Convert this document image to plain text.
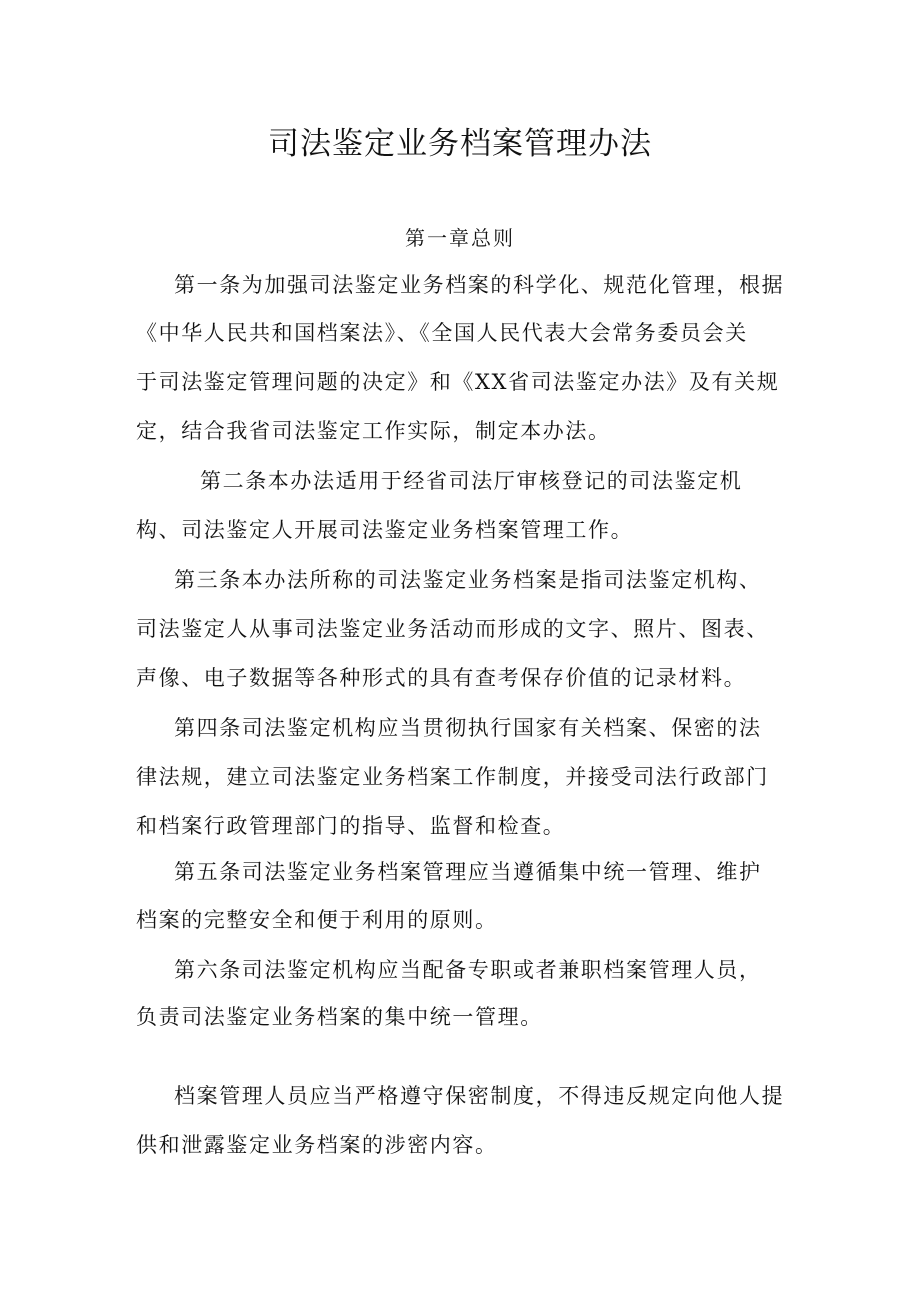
司法鉴定业务档案管理办法
第一章总则
第一条为加强司法鉴定业务档案的科学化、规范化管理，根据
《中华人民共和国档案法》、《全国人民代表大会常务委员会关
于司法鉴定管理问题的决定》和《XX省司法鉴定办法》及有关规
定，结合我省司法鉴定工作实际，制定本办法。
第二条本办法适用于经省司法厅审核登记的司法鉴定机
构、司法鉴定人开展司法鉴定业务档案管理工作。
第三条本办法所称的司法鉴定业务档案是指司法鉴定机构、
司法鉴定人从事司法鉴定业务活动而形成的文字、照片、图表、
声像、电子数据等各种形式的具有查考保存价值的记录材料。
第四条司法鉴定机构应当贯彻执行国家有关档案、保密的法
律法规，建立司法鉴定业务档案工作制度，并接受司法行政部门
和档案行政管理部门的指导、监督和检查。
第五条司法鉴定业务档案管理应当遵循集中统一管理、维护
档案的完整安全和便于利用的原则。
第六条司法鉴定机构应当配备专职或者兼职档案管理人员，
负责司法鉴定业务档案的集中统一管理。
档案管理人员应当严格遵守保密制度，不得违反规定向他人提
供和泄露鉴定业务档案的涉密内容。
